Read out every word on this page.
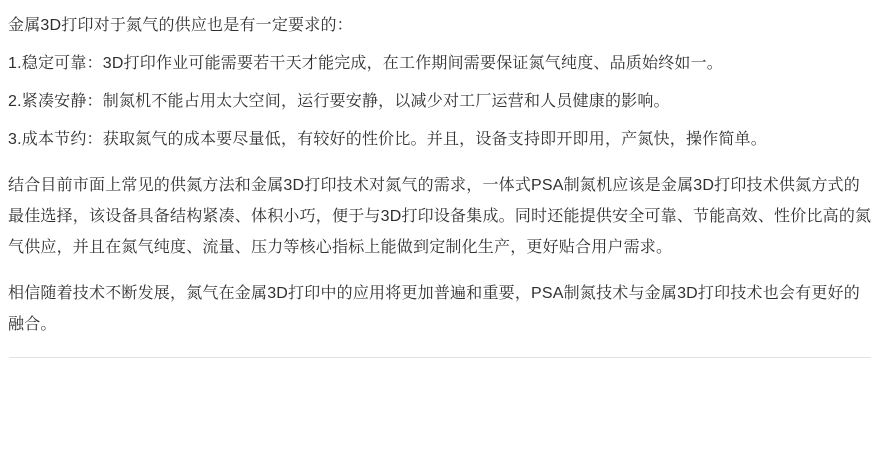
金属3D打印对于氮气的供应也是有一定要求的：

1.稳定可靠：3D打印作业可能需要若干天才能完成，在工作期间需要保证氮气纯度、品质始终如一。

2.紧凑安静：制氮机不能占用太大空间，运行要安静，以减少对工厂运营和人员健康的影响。

3.成本节约：获取氮气的成本要尽量低，有较好的性价比。并且，设备支持即开即用，产氮快，操作简单。

结合目前市面上常见的供氮方法和金属3D打印技术对氮气的需求，一体式PSA制氮机应该是金属3D打印技术供氮方式的最佳选择，该设备具备结构紧凑、体积小巧，便于与3D打印设备集成。同时还能提供安全可靠、节能高效、性价比高的氮气供应，并且在氮气纯度、流量、压力等核心指标上能做到定制化生产，更好贴合用户需求。

相信随着技术不断发展，氮气在金属3D打印中的应用将更加普遍和重要，PSA制氮技术与金属3D打印技术也会有更好的融合。
